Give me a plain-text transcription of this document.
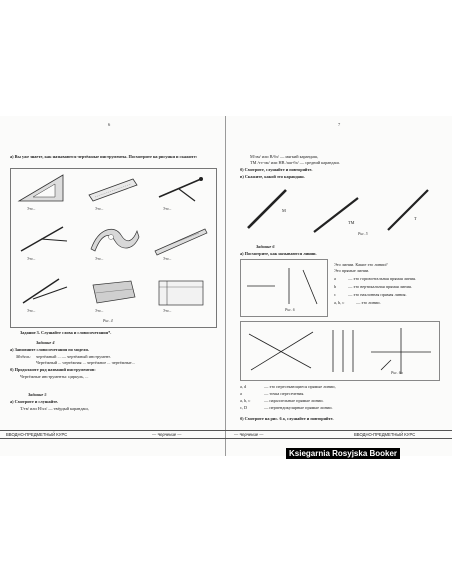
6
а) Вы уже знаете, как называются чертёжные инструменты. Посмотрите на рисунки и скажите:
Это...	Это...	Это...
Это...	Это...	Это...
Это...	Это...	Это...
Рис. 4
Задание 3. Слушайте слова и словосочетания*.
Задание 4
а) Запомните словосочетания по модели.
Модель: чертёжный ... — чертёжный инструмент.
Чертёжный ... чертёжная ... чертёжное ... чертёжные...
б) Продолжите ряд названий инструментов:
Чертёжные инструменты: циркуль, ...
Задание 5
а) Смотрите и слушайте.
Т/тв/ или Н/хэ/ — твёрдый карандаш,
ВВОДНО-ПРЕДМЕТНЫЙ КУРС	— Черчение —
7
М/эм/ или В/бэ/ — мягкий карандаш,
ТМ /тэ-эм/ или НВ /аш-бэ/ — средний карандаш.
б) Смотрите, слушайте и повторяйте.
в) Скажите, какой это карандаш.
М
ТМ
Т
Рис. 5
Задание 6
а) Посмотрите, как называются линии.
Рис. 6
Это линии. Какие это линии?
Это прямые линии.
а	— это горизонтальная прямая линия.
b	— это вертикальная прямая линия.
c	— это наклонная прямая линия.
a, b, c	— это линии.
Рис. 6а
a, d	— это пересекающиеся прямые линии,
a	— точка пересечения.
a, b, c	— параллельные прямые линии.
c, D	— перпендикулярные прямые линии.
б) Смотрите на рис. 6 а, слушайте и повторяйте.
— Черчение —	ВВОДНО-ПРЕДМЕТНЫЙ КУРС
Ksiegarnia Rosyjska Booker
